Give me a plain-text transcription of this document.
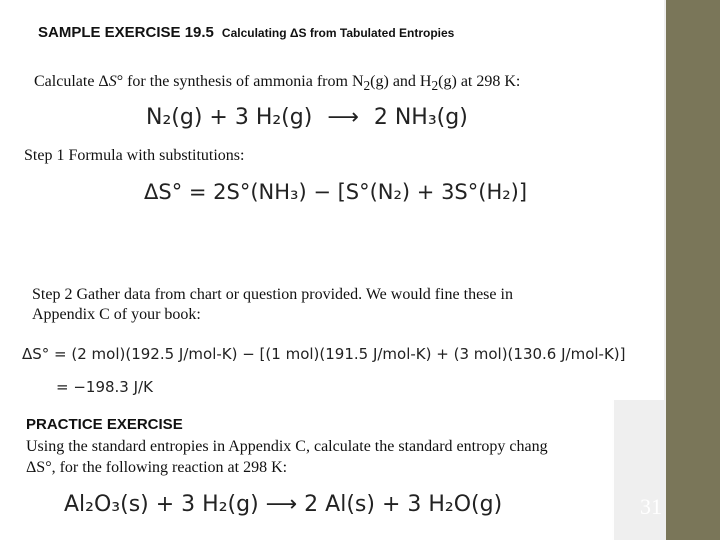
SAMPLE EXERCISE 19.5 Calculating ΔS from Tabulated Entropies
Calculate ΔS° for the synthesis of ammonia from $N_2(g)$ and $H_2(g)$ at 298 K:
N₂(g) + 3 H₂(g) ⟶ 2 NH₃(g)
Step 1 Formula with substitutions:
ΔS° = 2S°(NH₃) − [S°(N₂) + 3S°(H₂)]
Step 2 Gather data from chart or question provided. We would fine these in
Appendix C of your book:
ΔS° = (2 mol)(192.5 J/mol-K) − [(1 mol)(191.5 J/mol-K) + (3 mol)(130.6 J/mol-K)]
= −198.3 J/K
PRACTICE EXERCISE
Using the standard entropies in Appendix C, calculate the standard entropy chang
ΔS°, for the following reaction at 298 K:
Al₂O₃(s) + 3 H₂(g) ⟶ 2 Al(s) + 3 H₂O(g)	31
